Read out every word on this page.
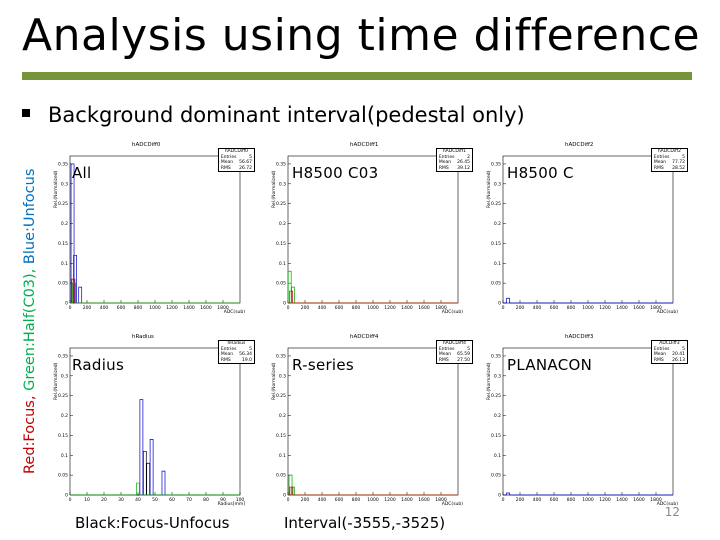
Analysis using time difference
Background dominant interval(pedestal only)
Red:Focus, Green:Half(C03), Blue:Unfocus
0
0.05
0.1
0.15
0.2
0.25
0.3
0.35
0	200 400 600 800 1000 1200 1400 1600 1800
hADCDiff0
hADCDiff0
Entries	5
Mean 56.67
RMS 26.72
Rel.(Normalized)
ADC(sub)
All
0
0.05
0.1
0.15
0.2
0.25
0.3
0.35
0	200 400 600 800 1000 1200 1400 1600 1800
hADCDiff1
hADCDiff1
Entries	2
Mean 26.45
RMS 39.12
Rel.(Normalized)
ADC(sub)
H8500 C03
0
0.05
0.1
0.15
0.2
0.25
0.3
0.35
0	200 400 600 800 1000 1200 1400 1600 1800
hADCDiff2
hADCDiff2
Entries	5
Mean 77.72
RMS 28.52
Rel.(Normalized)
ADC(sub)
H8500 C
0
0.05
0.1
0.15
0.2
0.25
0.3
0.35
0	10	20	30	40	50	60	70	80	90 100
hRadius
hRadius
Entries	5
Mean 56.34
RMS	19.0
Rel.(Normalized)
Radius[mm]
Radius
0
0.05
0.1
0.15
0.2
0.25
0.3
0.35
0	200 400 600 800 1000 1200 1400 1600 1800
hADCDiff4
hADCDiff4
Entries	5
Mean 65.59
RMS 27.50
Rel.(Normalized)
ADC(sub)
R-series
0
0.05
0.1
0.15
0.2
0.25
0.3
0.35
0	200 400 600 800 1000 1200 1400 1600 1800
hADCDiff3
ADCDiff3
Entries	5
Mean 20.41
RMS 26.13
Rel.(Normalized)
ADC(sub)
PLANACON
Black:Focus-Unfocus	Interval(-3555,-3525)
12
